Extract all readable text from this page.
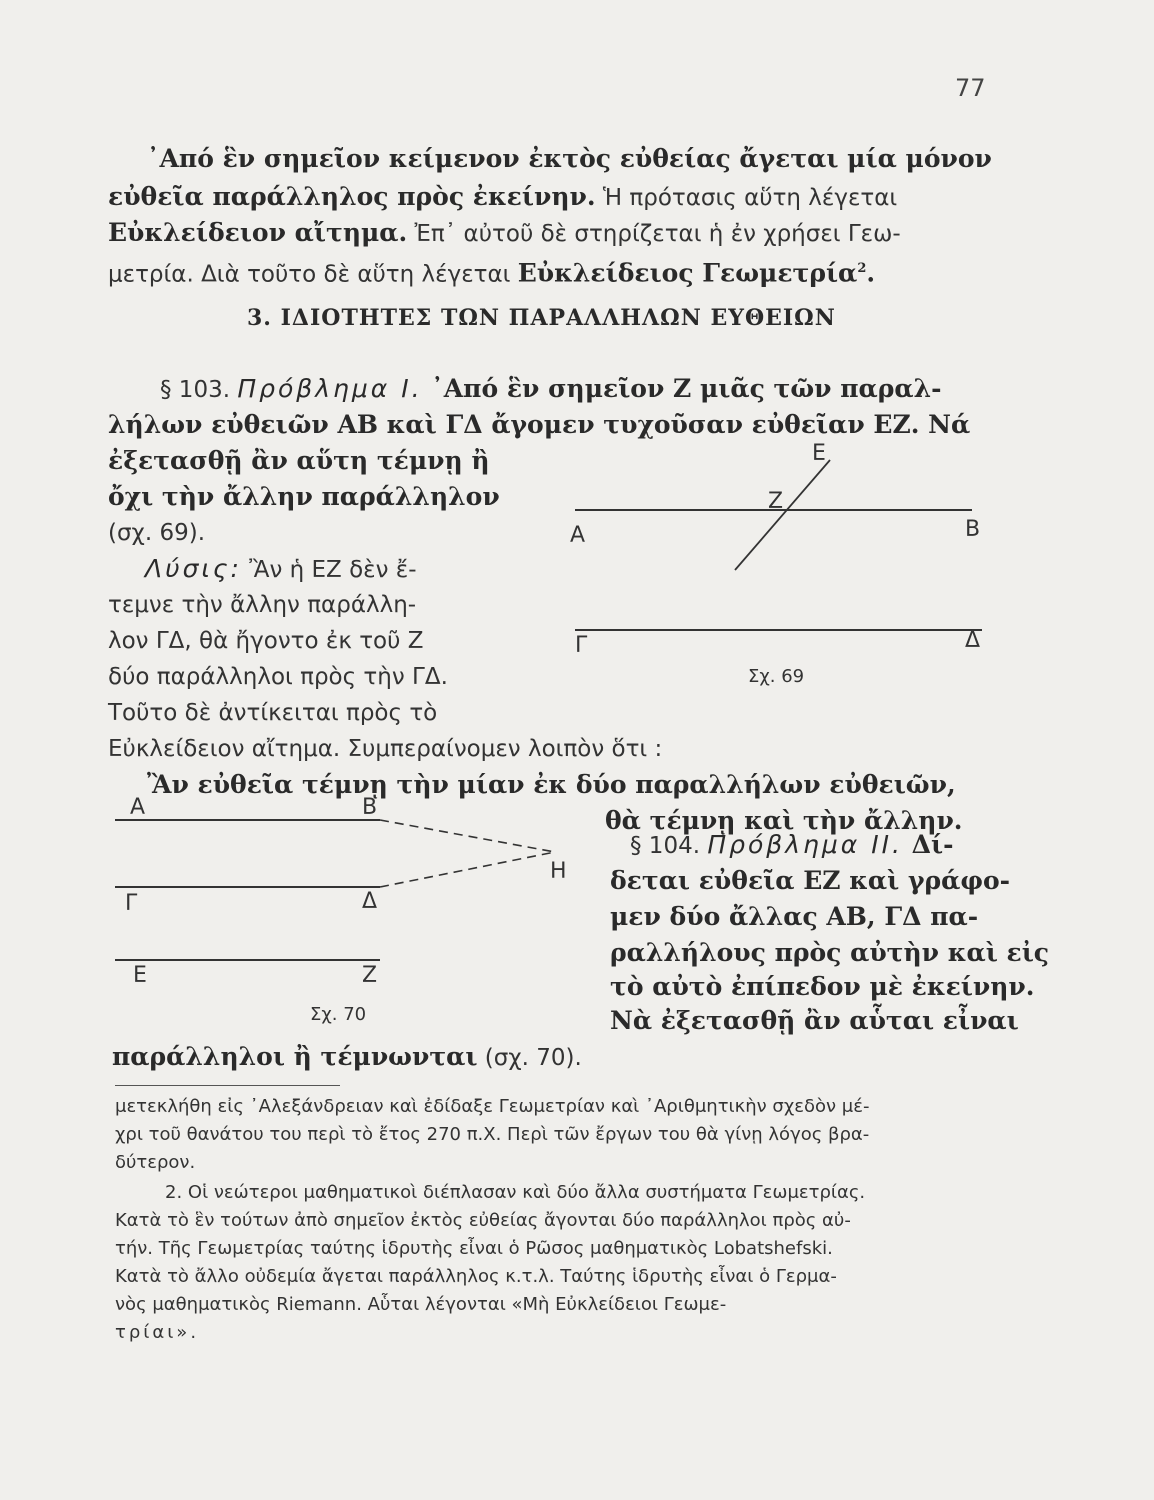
77
᾿Από ἓν σημεῖον κείμενον ἐκτὸς εὐθείας ἄγεται μία μόνον
εὐθεῖα παράλληλος πρὸς ἐκείνην. Ἡ πρότασις αὕτη λέγεται
Εὐκλείδειον αἴτημα. Ἐπ᾿ αὐτοῦ δὲ στηρίζεται ἡ ἐν χρήσει Γεω-
μετρία. Διὰ τοῦτο δὲ αὕτη λέγεται Εὐκλείδειος Γεωμετρία$^2$.
3. ΙΔΙΟΤΗΤΕΣ ΤΩΝ ΠΑΡΑΛΛΗΛΩΝ ΕΥΘΕΙΩΝ
§ 103. Πρόβλημα Ι. ᾿Από ἓν σημεῖον Ζ μιᾶς τῶν παραλ-
λήλων εὐθειῶν ΑΒ καὶ ΓΔ ἄγομεν τυχοῦσαν εὐθεῖαν ΕΖ. Νά
ἐξετασθῇ ἂν αὕτη τέμνῃ ἢ
ὄχι τὴν ἄλλην παράλληλον
(σχ. 69).
Λύσις: Ἂν ἡ ΕΖ δὲν ἔ-
τεμνε τὴν ἄλλην παράλλη-
λον ΓΔ, θὰ ἤγοντο ἐκ τοῦ Ζ
δύο παράλληλοι πρὸς τὴν ΓΔ.
Τοῦτο δὲ ἀντίκειται πρὸς τὸ
Εὐκλείδειον αἴτημα. Συμπεραίνομεν λοιπὸν ὅτι :
Ἂν εὐθεῖα τέμνῃ τὴν μίαν ἐκ δύο παραλλήλων εὐθειῶν,
θὰ τέμνῃ καὶ τὴν ἄλλην.
Α	Β
Ε
Ζ
Γ	Δ
Σχ. 69
Α	Β
Η
Γ	Δ
Ε	Ζ
Σχ. 70
§ 104. Πρόβλημα ΙΙ. Δί-
δεται εὐθεῖα ΕΖ καὶ γράφο-
μεν δύο ἄλλας ΑΒ, ΓΔ πα-
ραλλήλους πρὸς αὐτὴν καὶ εἰς
τὸ αὐτὸ ἐπίπεδον μὲ ἐκείνην.
Νὰ ἐξετασθῇ ἂν αὗται εἶναι
παράλληλοι ἢ τέμνωνται (σχ. 70).
μετεκλήθη εἰς ᾿Αλεξάνδρειαν καὶ ἐδίδαξε Γεωμετρίαν καὶ ᾿Αριθμητικὴν σχεδὸν μέ-
χρι τοῦ θανάτου του περὶ τὸ ἔτος 270 π.Χ. Περὶ τῶν ἔργων του θὰ γίνῃ λόγος βρα-
δύτερον.
2. Οἱ νεώτεροι μαθηματικοὶ διέπλασαν καὶ δύο ἄλλα συστήματα Γεωμετρίας.
Κατὰ τὸ ἓν τούτων ἀπὸ σημεῖον ἐκτὸς εὐθείας ἄγονται δύο παράλληλοι πρὸς αὐ-
τήν. Τῆς Γεωμετρίας ταύτης ἱδρυτὴς εἶναι ὁ Ρῶσος μαθηματικὸς Lobatshefski.
Κατὰ τὸ ἄλλο οὐδεμία ἄγεται παράλληλος κ.τ.λ. Ταύτης ἱδρυτὴς εἶναι ὁ Γερμα-
νὸς μαθηματικὸς Riemann. Αὗται λέγονται «Μὴ Εὐκλείδειοι Γεωμε-
τρίαι».
